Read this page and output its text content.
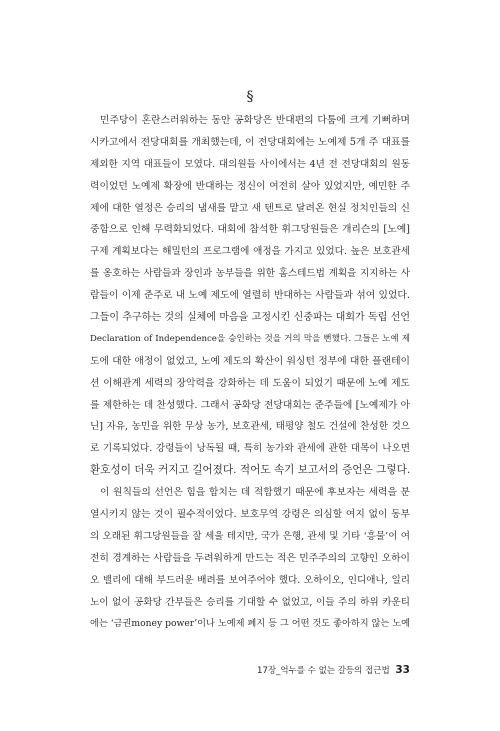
§
민주당이 혼란스러워하는 동안 공화당은 반대편의 다툼에 크게 기뻐하며
시카고에서 전당대회를 개최했는데, 이 전당대회에는 노예제 5개 주 대표를
제외한 지역 대표들이 모였다. 대의원들 사이에서는 4년 전 전당대회의 원동
력이었던 노예제 확장에 반대하는 정신이 여전히 살아 있었지만, 예민한 주
제에 대한 열정은 승리의 냄새를 맡고 새 텐트로 달려온 현실 정치인들의 신
중함으로 인해 무력화되었다. 대회에 참석한 휘그당원들은 개리슨의 [노예]
구제 계획보다는 해밀턴의 프로그램에 애정을 가지고 있었다. 높은 보호관세
를 옹호하는 사람들과 장인과 농부들을 위한 홈스테드법 계획을 지지하는 사
람들이 이제 준주로 내 노예 제도에 열렬히 반대하는 사람들과 섞여 있었다.
그들이 추구하는 것의 실체에 마음을 고정시킨 신중파는 대회가 독립 선언
Declaration of Independence을 승인하는 것을 거의 막을 뻔했다. 그들은 노예 제
도에 대한 애정이 없었고, 노예 제도의 확산이 워싱턴 정부에 대한 플랜테이
션 이해관계 세력의 장악력을 강화하는 데 도움이 되었기 때문에 노예 제도
를 제한하는 데 찬성했다. 그래서 공화당 전당대회는 준주들에 [노예제가 아
닌] 자유, 농민을 위한 무상 농가, 보호관세, 태평양 철도 건설에 찬성한 것으
로 기록되었다. 강령들이 낭독될 때, 특히 농가와 관세에 관한 대목이 나오면
환호성이 더욱 커지고 길어졌다. 적어도 속기 보고서의 증언은 그렇다.
이 원칙들의 선언은 힘을 합치는 데 적합했기 때문에 후보자는 세력을 분
열시키지 않는 것이 필수적이었다. 보호무역 강령은 의심할 여지 없이 동부
의 오래된 휘그당원들을 잘 세울 테지만, 국가 은행, 관세 및 기타 ‘흥물’이 여
전히 경계하는 사람들을 두려워하게 만드는 적은 민주주의의 고향인 오하이
오 밸리에 대해 부드러운 배려를 보여주어야 했다. 오하이오, 인디애나, 일리
노이 없이 공화당 간부들은 승리를 기대할 수 없었고, 이들 주의 하위 카운티
에는 ‘금권money power’이나 노예제 폐지 등 그 어떤 것도 좋아하지 않는 노예
17장_억누를 수 없는 갈등의 접근법 33
